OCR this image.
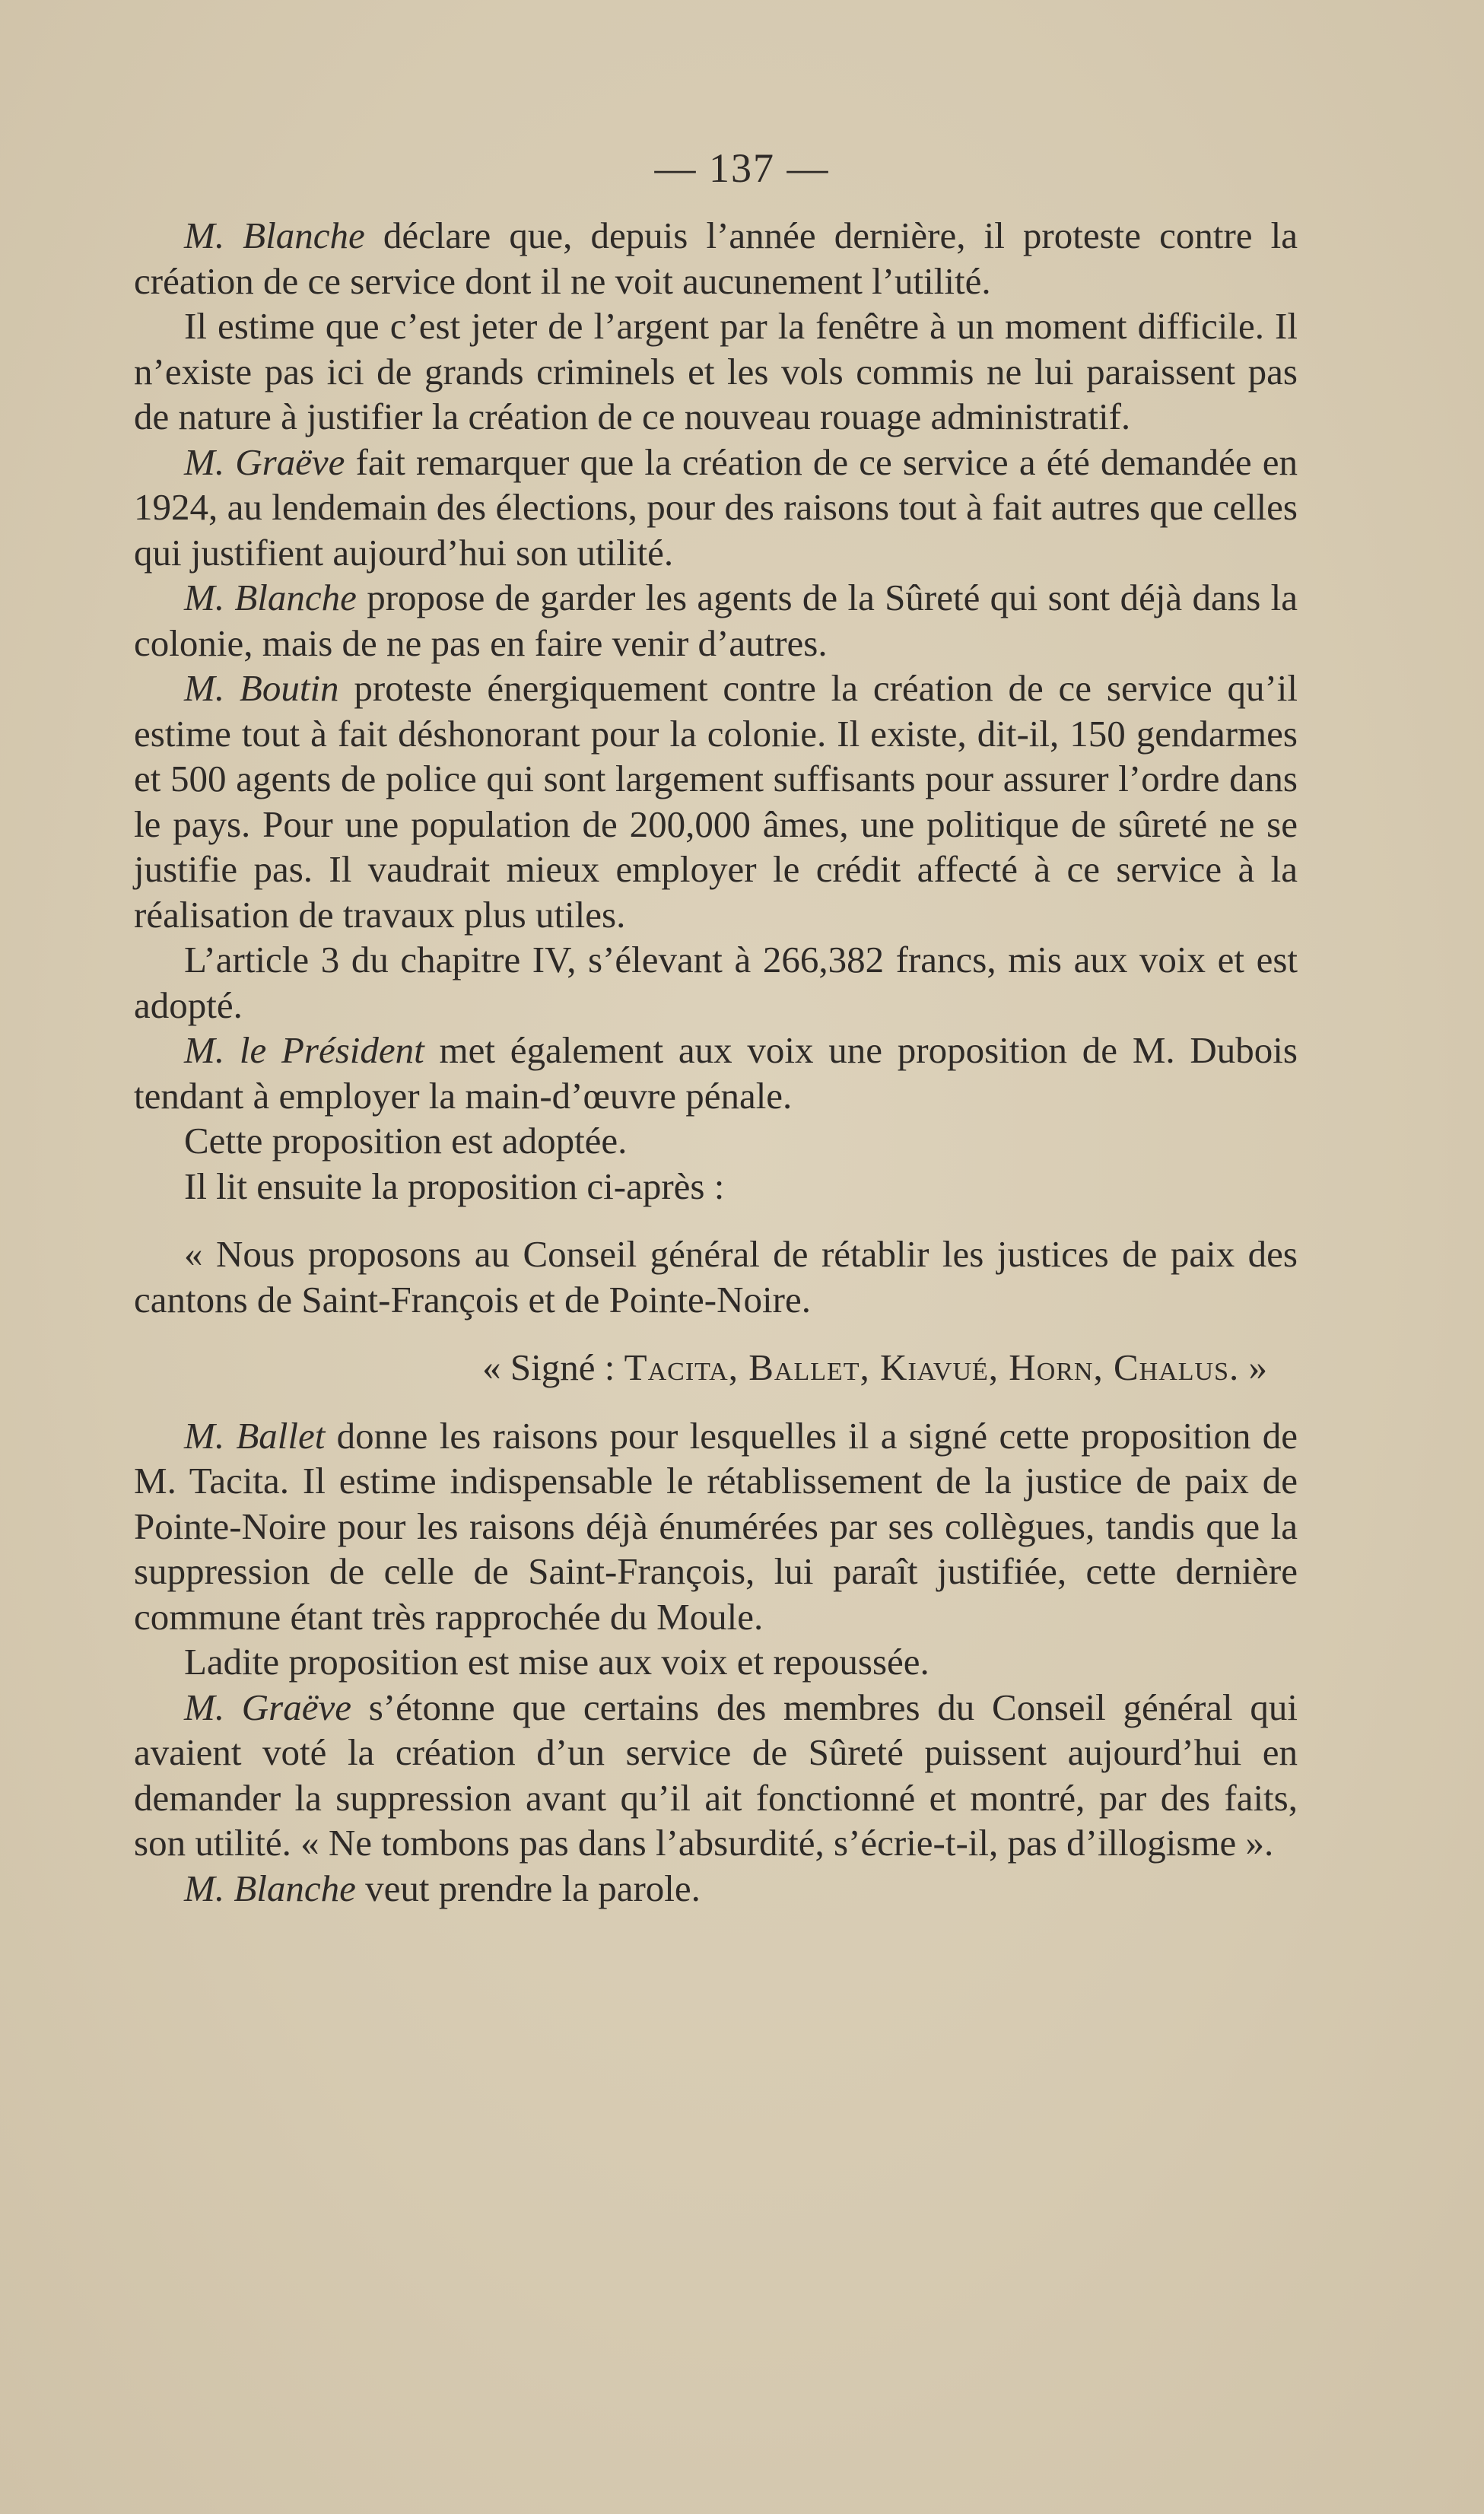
— 137 —

M. Blanche déclare que, depuis l’année dernière, il proteste contre la création de ce service dont il ne voit aucunement l’utilité.

Il estime que c’est jeter de l’argent par la fenêtre à un moment difficile. Il n’existe pas ici de grands criminels et les vols commis ne lui paraissent pas de nature à justifier la création de ce nouveau rouage administratif.

M. Graëve fait remarquer que la création de ce service a été demandée en 1924, au lendemain des élections, pour des raisons tout à fait autres que celles qui justifient aujourd’hui son utilité.

M. Blanche propose de garder les agents de la Sûreté qui sont déjà dans la colonie, mais de ne pas en faire venir d’autres.

M. Boutin proteste énergiquement contre la création de ce service qu’il estime tout à fait déshonorant pour la colonie. Il existe, dit-il, 150 gendarmes et 500 agents de police qui sont largement suffisants pour assurer l’ordre dans le pays. Pour une population de 200,000 âmes, une politique de sûreté ne se justifie pas. Il vaudrait mieux employer le crédit affecté à ce service à la réalisation de travaux plus utiles.

L’article 3 du chapitre IV, s’élevant à 266,382 francs, mis aux voix et est adopté.

M. le Président met également aux voix une proposition de M. Dubois tendant à employer la main-d’œuvre pénale.

Cette proposition est adoptée.

Il lit ensuite la proposition ci-après :

« Nous proposons au Conseil général de rétablir les justices de paix des cantons de Saint-François et de Pointe-Noire.

« Signé : Tacita, Ballet, Kiavué, Horn, Chalus. »

M. Ballet donne les raisons pour lesquelles il a signé cette proposition de M. Tacita. Il estime indispensable le rétablissement de la justice de paix de Pointe-Noire pour les raisons déjà énumérées par ses collègues, tandis que la suppression de celle de Saint-François, lui paraît justifiée, cette dernière commune étant très rapprochée du Moule.

Ladite proposition est mise aux voix et repoussée.

M. Graëve s’étonne que certains des membres du Conseil général qui avaient voté la création d’un service de Sûreté puissent aujourd’hui en demander la suppression avant qu’il ait fonctionné et montré, par des faits, son utilité. « Ne tombons pas dans l’absurdité, s’écrie-t-il, pas d’illogisme ».

M. Blanche veut prendre la parole.
